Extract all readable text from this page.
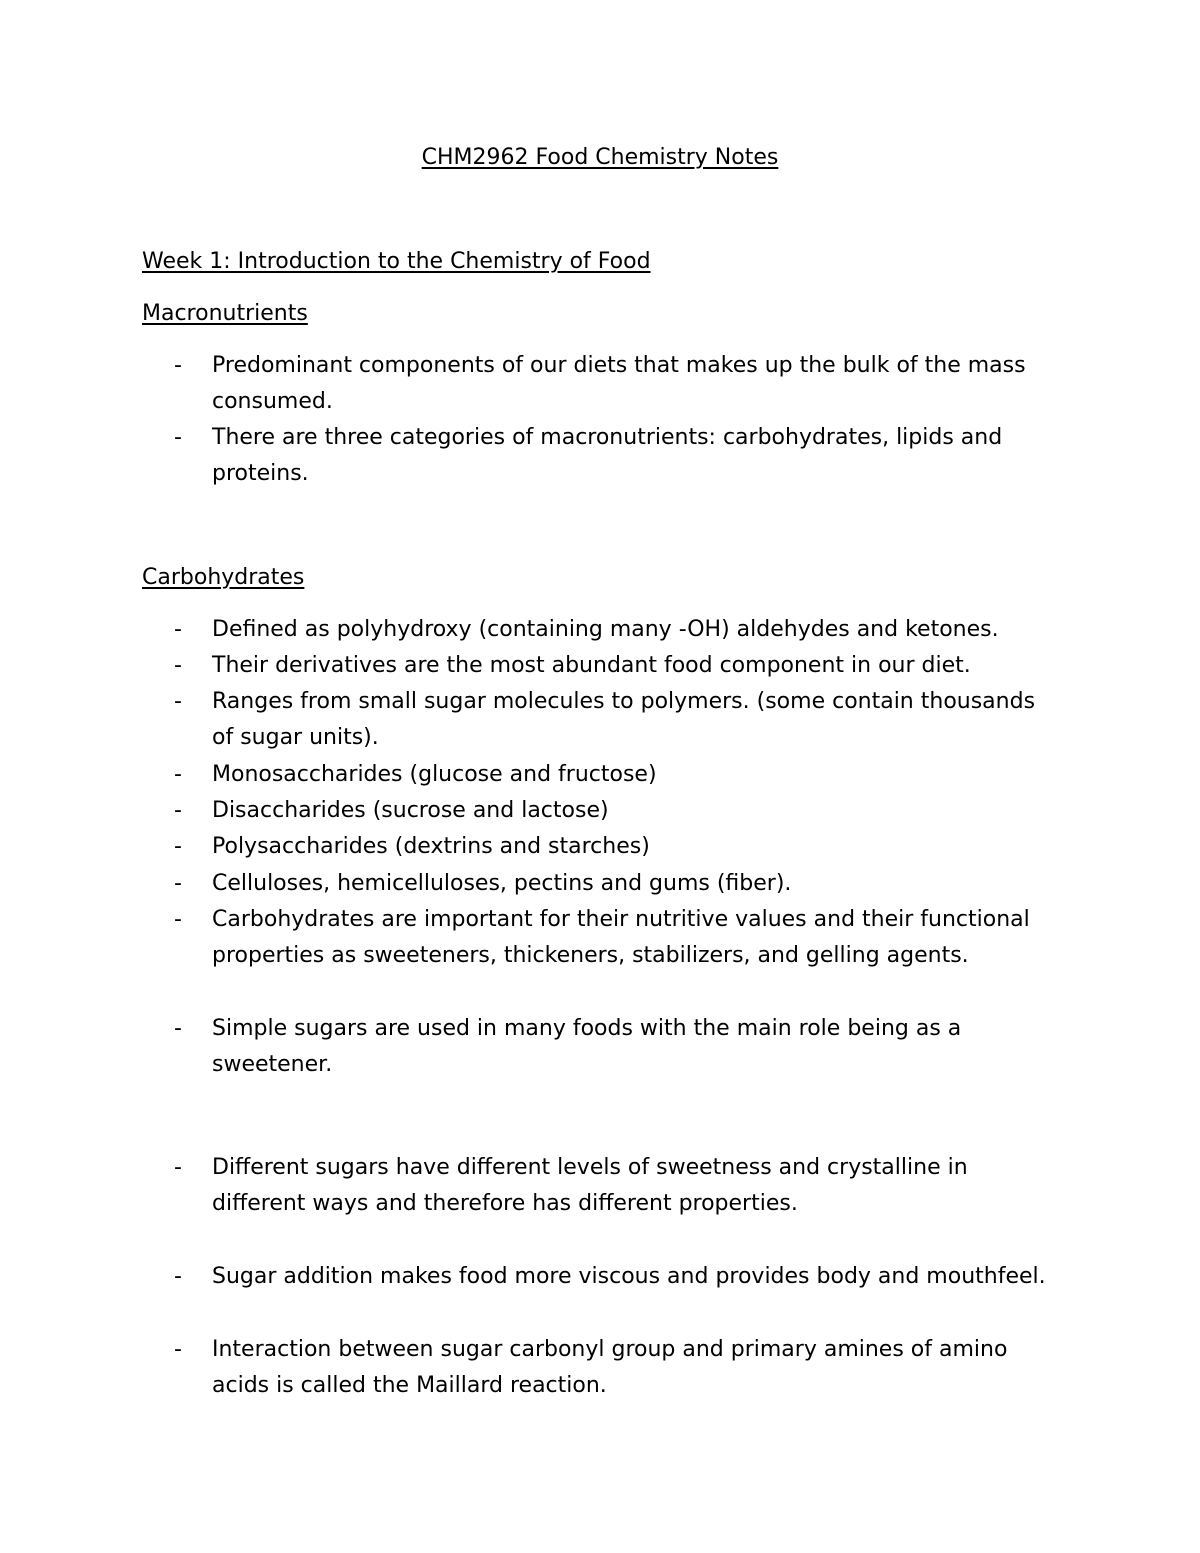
CHM2962 Food Chemistry Notes
Week 1: Introduction to the Chemistry of Food
Macronutrients
- Predominant components of our diets that makes up the bulk of the mass
consumed.
- There are three categories of macronutrients: carbohydrates, lipids and
proteins.
Carbohydrates
- Defined as polyhydroxy (containing many -OH) aldehydes and ketones.
- Their derivatives are the most abundant food component in our diet.
- Ranges from small sugar molecules to polymers. (some contain thousands
of sugar units).
- Monosaccharides (glucose and fructose)
- Disaccharides (sucrose and lactose)
- Polysaccharides (dextrins and starches)
- Celluloses, hemicelluloses, pectins and gums (fiber).
- Carbohydrates are important for their nutritive values and their functional
properties as sweeteners, thickeners, stabilizers, and gelling agents.
- Simple sugars are used in many foods with the main role being as a
sweetener.
- Different sugars have different levels of sweetness and crystalline in
different ways and therefore has different properties.
- Sugar addition makes food more viscous and provides body and mouthfeel.
- Interaction between sugar carbonyl group and primary amines of amino
acids is called the Maillard reaction.
